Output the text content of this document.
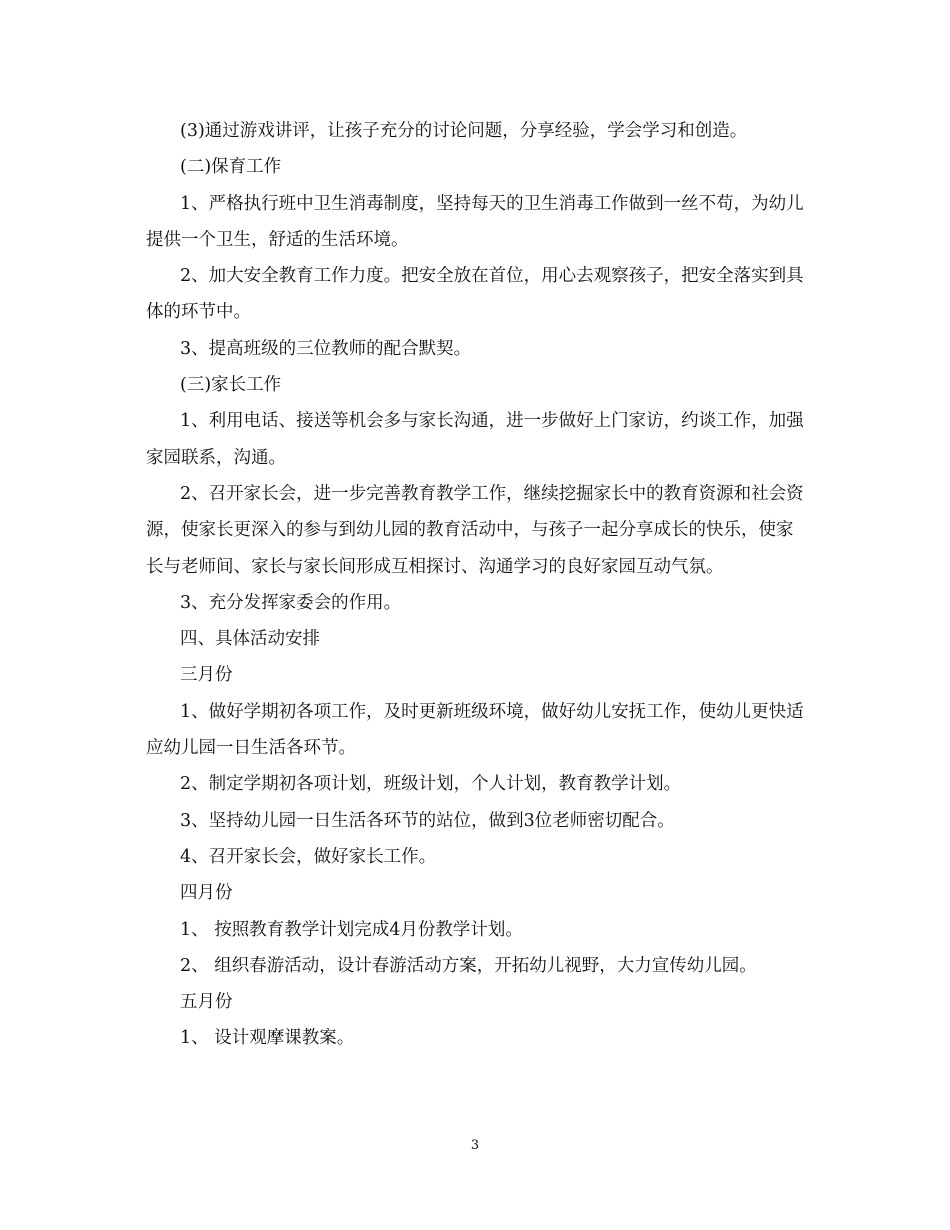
(3)通过游戏讲评，让孩子充分的讨论问题，分享经验，学会学习和创造。

(二)保育工作

1、严格执行班中卫生消毒制度，坚持每天的卫生消毒工作做到一丝不苟，为幼儿提供一个卫生，舒适的生活环境。

2、加大安全教育工作力度。把安全放在首位，用心去观察孩子，把安全落实到具体的环节中。

3、提高班级的三位教师的配合默契。

(三)家长工作

1、利用电话、接送等机会多与家长沟通，进一步做好上门家访，约谈工作，加强家园联系，沟通。

2、召开家长会，进一步完善教育教学工作，继续挖掘家长中的教育资源和社会资源，使家长更深入的参与到幼儿园的教育活动中，与孩子一起分享成长的快乐，使家长与老师间、家长与家长间形成互相探讨、沟通学习的良好家园互动气氛。

3、充分发挥家委会的作用。

四、具体活动安排

三月份

1、做好学期初各项工作，及时更新班级环境，做好幼儿安抚工作，使幼儿更快适应幼儿园一日生活各环节。

2、制定学期初各项计划，班级计划，个人计划，教育教学计划。

3、坚持幼儿园一日生活各环节的站位，做到3位老师密切配合。

4、召开家长会，做好家长工作。

四月份

1、 按照教育教学计划完成4月份教学计划。

2、 组织春游活动，设计春游活动方案，开拓幼儿视野，大力宣传幼儿园。

五月份

1、 设计观摩课教案。

3
